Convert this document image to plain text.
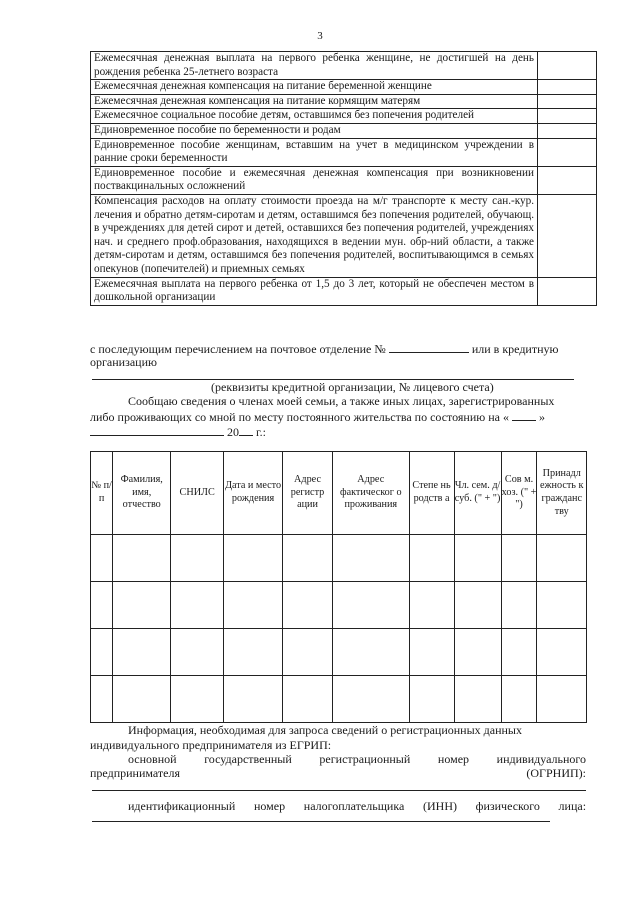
3
Ежемесячная денежная выплата на первого ребенка женщине, не достигшей на день рождения ребенка 25-летнего возраста	
Ежемесячная денежная компенсация на питание беременной женщине	
Ежемесячная денежная компенсация на питание кормящим матерям	
Ежемесячное социальное пособие детям, оставшимся без попечения родителей	
Единовременное пособие по беременности и родам	
Единовременное пособие женщинам, вставшим на учет в медицинском учреждении в ранние сроки беременности	
Единовременное пособие и ежемесячная денежная компенсация при возникновении поствакцинальных осложнений	
Компенсация расходов на оплату стоимости проезда на м/г транспорте к месту сан.-кур. лечения и обратно детям-сиротам и детям, оставшимся без попечения родителей, обучающ. в учреждениях для детей сирот и детей, оставшихся без попечения родителей, учреждениях нач. и среднего проф.образования, находящихся в ведении мун. обр-ний области, а также детям-сиротам и детям, оставшимся без попечения родителей, воспитывающимся в семьях опекунов (попечителей) и приемных семьях	
Ежемесячная выплата на первого ребенка от 1,5 до 3 лет, который не обеспечен местом в дошкольной организации	
с последующим перечислением на почтовое отделение №	или в кредитную
организацию
(реквизиты кредитной организации, № лицевого счета)
Сообщаю сведения о членах моей семьи, а также иных лицах, зарегистрированных
либо проживающих со мной по месту постоянного жительства по состоянию на «	»
20 г.:
№ п/п	Фамилия, имя, отчество	СНИЛС	Дата и место рождения	Адрес регистр ации	Адрес фактическог о проживания	Степе нь родств а	Чл. сем. д/суб. (" + ")	Сов м. хоз. (" + ")	Принадл ежность к гражданс тву

Информация, необходимая для запроса сведений о регистрационных данных
индивидуального предпринимателя из ЕГРИП:
основной государственный регистрационный номер индивидуального
предпринимателя	(ОГРНИП):
идентификационный номер налогоплательщика (ИНН) физического лица:
